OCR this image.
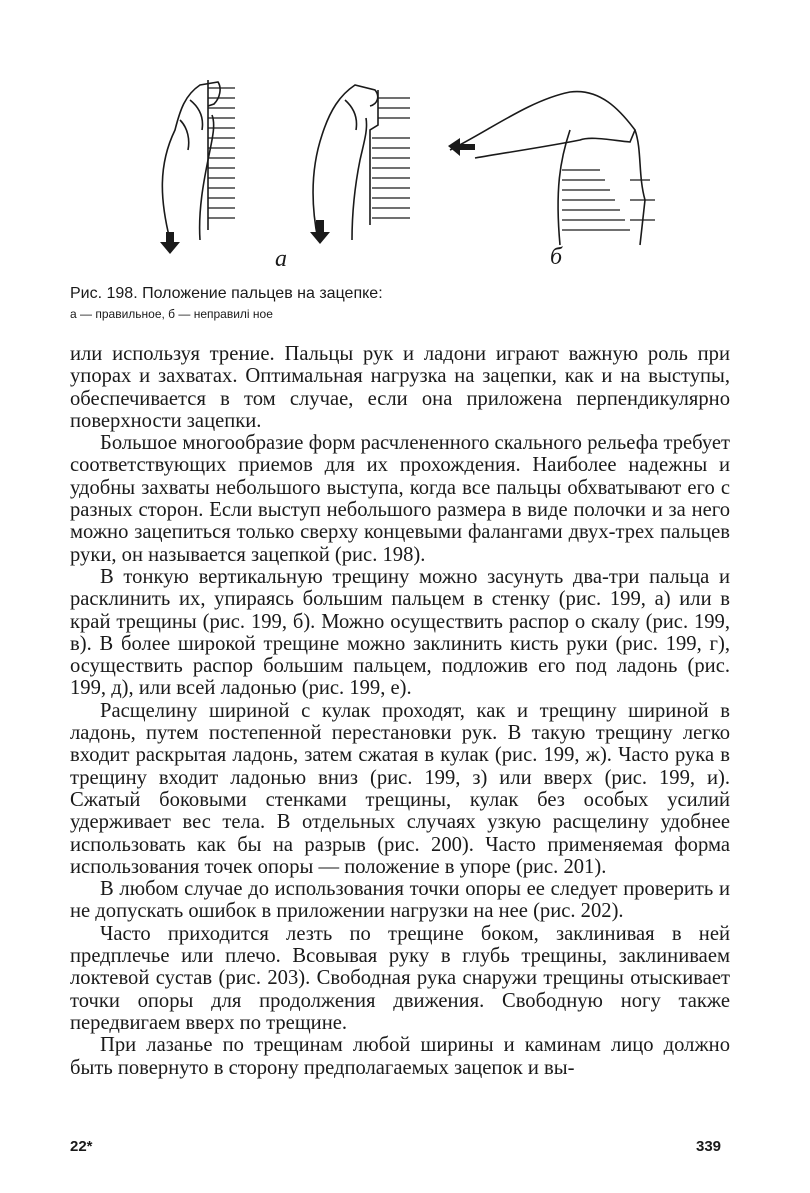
а	б
Рис. 198. Положение пальцев на зацепке:
а — правильное, б — неправилі ное

или используя трение. Пальцы рук и ладони играют важную роль при упорах и захватах. Оптимальная нагрузка на зацепки, как и на выступы, обеспечивается в том случае, если она приложена перпендикулярно поверхности зацепки.

Большое многообразие форм расчлененного скального рельефа требует соответствующих приемов для их прохождения. Наиболее надежны и удобны захваты небольшого выступа, когда все пальцы обхватывают его с разных сторон. Если выступ небольшого размера в виде полочки и за него можно зацепиться только сверху концевыми фалангами двух-трех пальцев руки, он называется зацепкой (рис. 198).

В тонкую вертикальную трещину можно засунуть два-три пальца и расклинить их, упираясь большим пальцем в стенку (рис. 199, а) или в край трещины (рис. 199, б). Можно осуществить распор о скалу (рис. 199, в). В более широкой трещине можно заклинить кисть руки (рис. 199, г), осуществить распор большим пальцем, подложив его под ладонь (рис. 199, д), или всей ладонью (рис. 199, е).

Расщелину шириной с кулак проходят, как и трещину шириной в ладонь, путем постепенной перестановки рук. В такую трещину легко входит раскрытая ладонь, затем сжатая в кулак (рис. 199, ж). Часто рука в трещину входит ладонью вниз (рис. 199, з) или вверх (рис. 199, и). Сжатый боковыми стенками трещины, кулак без особых усилий удерживает вес тела. В отдельных случаях узкую расщелину удобнее использовать как бы на разрыв (рис. 200). Часто применяемая форма использования точек опоры — положение в упоре (рис. 201).

В любом случае до использования точки опоры ее следует проверить и не допускать ошибок в приложении нагрузки на нее (рис. 202).

Часто приходится лезть по трещине боком, заклинивая в ней предплечье или плечо. Всовывая руку в глубь трещины, заклиниваем локтевой сустав (рис. 203). Свободная рука снаружи трещины отыскивает точки опоры для продолжения движения. Свободную ногу также передвигаем вверх по трещине.

При лазанье по трещинам любой ширины и каминам лицо должно быть повернуто в сторону предполагаемых зацепок и вы-

22*	339
